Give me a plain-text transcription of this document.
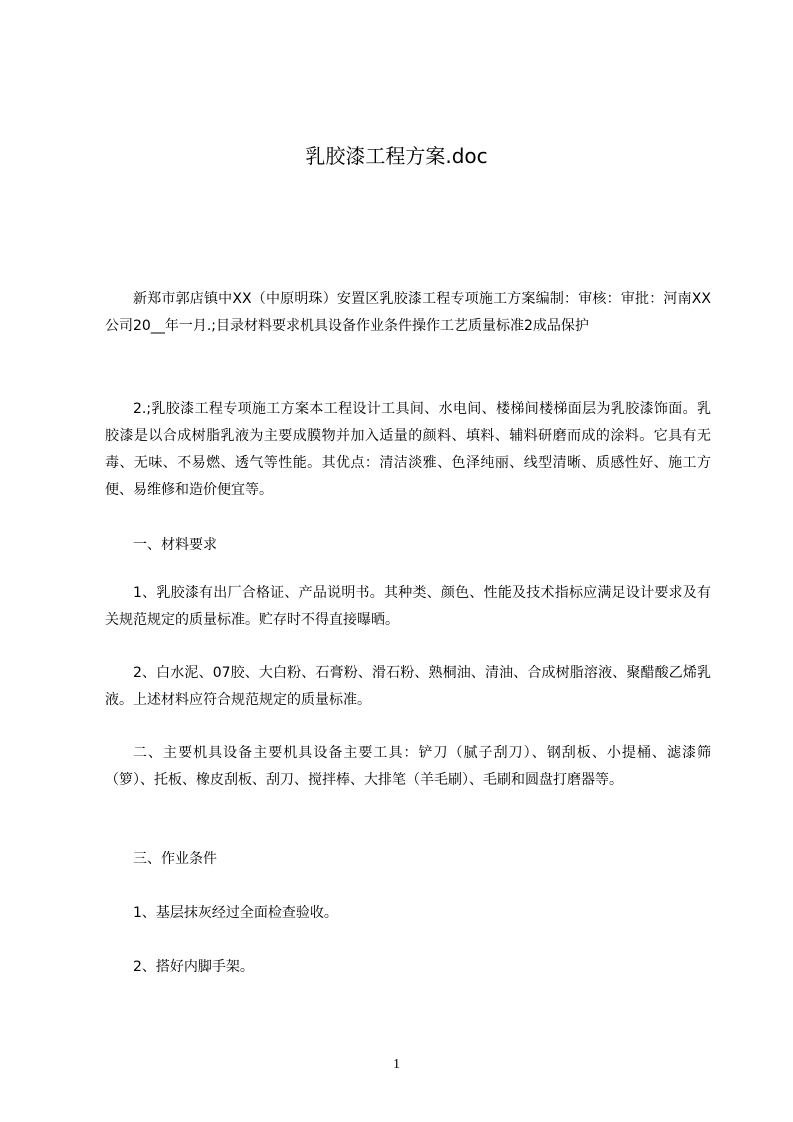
乳胶漆工程方案.doc

新郑市郭店镇中XX（中原明珠）安置区乳胶漆工程专项施工方案编制：审核：审批：河南XX公司20__年一月.;目录材料要求机具设备作业条件操作工艺质量标准2成品保护

2.;乳胶漆工程专项施工方案本工程设计工具间、水电间、楼梯间楼梯面层为乳胶漆饰面。乳胶漆是以合成树脂乳液为主要成膜物并加入适量的颜料、填料、辅料研磨而成的涂料。它具有无毒、无味、不易燃、透气等性能。其优点：清洁淡雅、色泽纯丽、线型清晰、质感性好、施工方便、易维修和造价便宜等。

一、材料要求

1、乳胶漆有出厂合格证、产品说明书。其种类、颜色、性能及技术指标应满足设计要求及有关规范规定的质量标准。贮存时不得直接曝晒。

2、白水泥、07胶、大白粉、石膏粉、滑石粉、熟桐油、清油、合成树脂溶液、聚醋酸乙烯乳液。上述材料应符合规范规定的质量标准。

二、主要机具设备主要机具设备主要工具：铲刀（腻子刮刀）、钢刮板、小提桶、滤漆筛（箩）、托板、橡皮刮板、刮刀、搅拌棒、大排笔（羊毛刷）、毛刷和圆盘打磨器等。

三、作业条件

1、基层抹灰经过全面检查验收。

2、搭好内脚手架。

1
